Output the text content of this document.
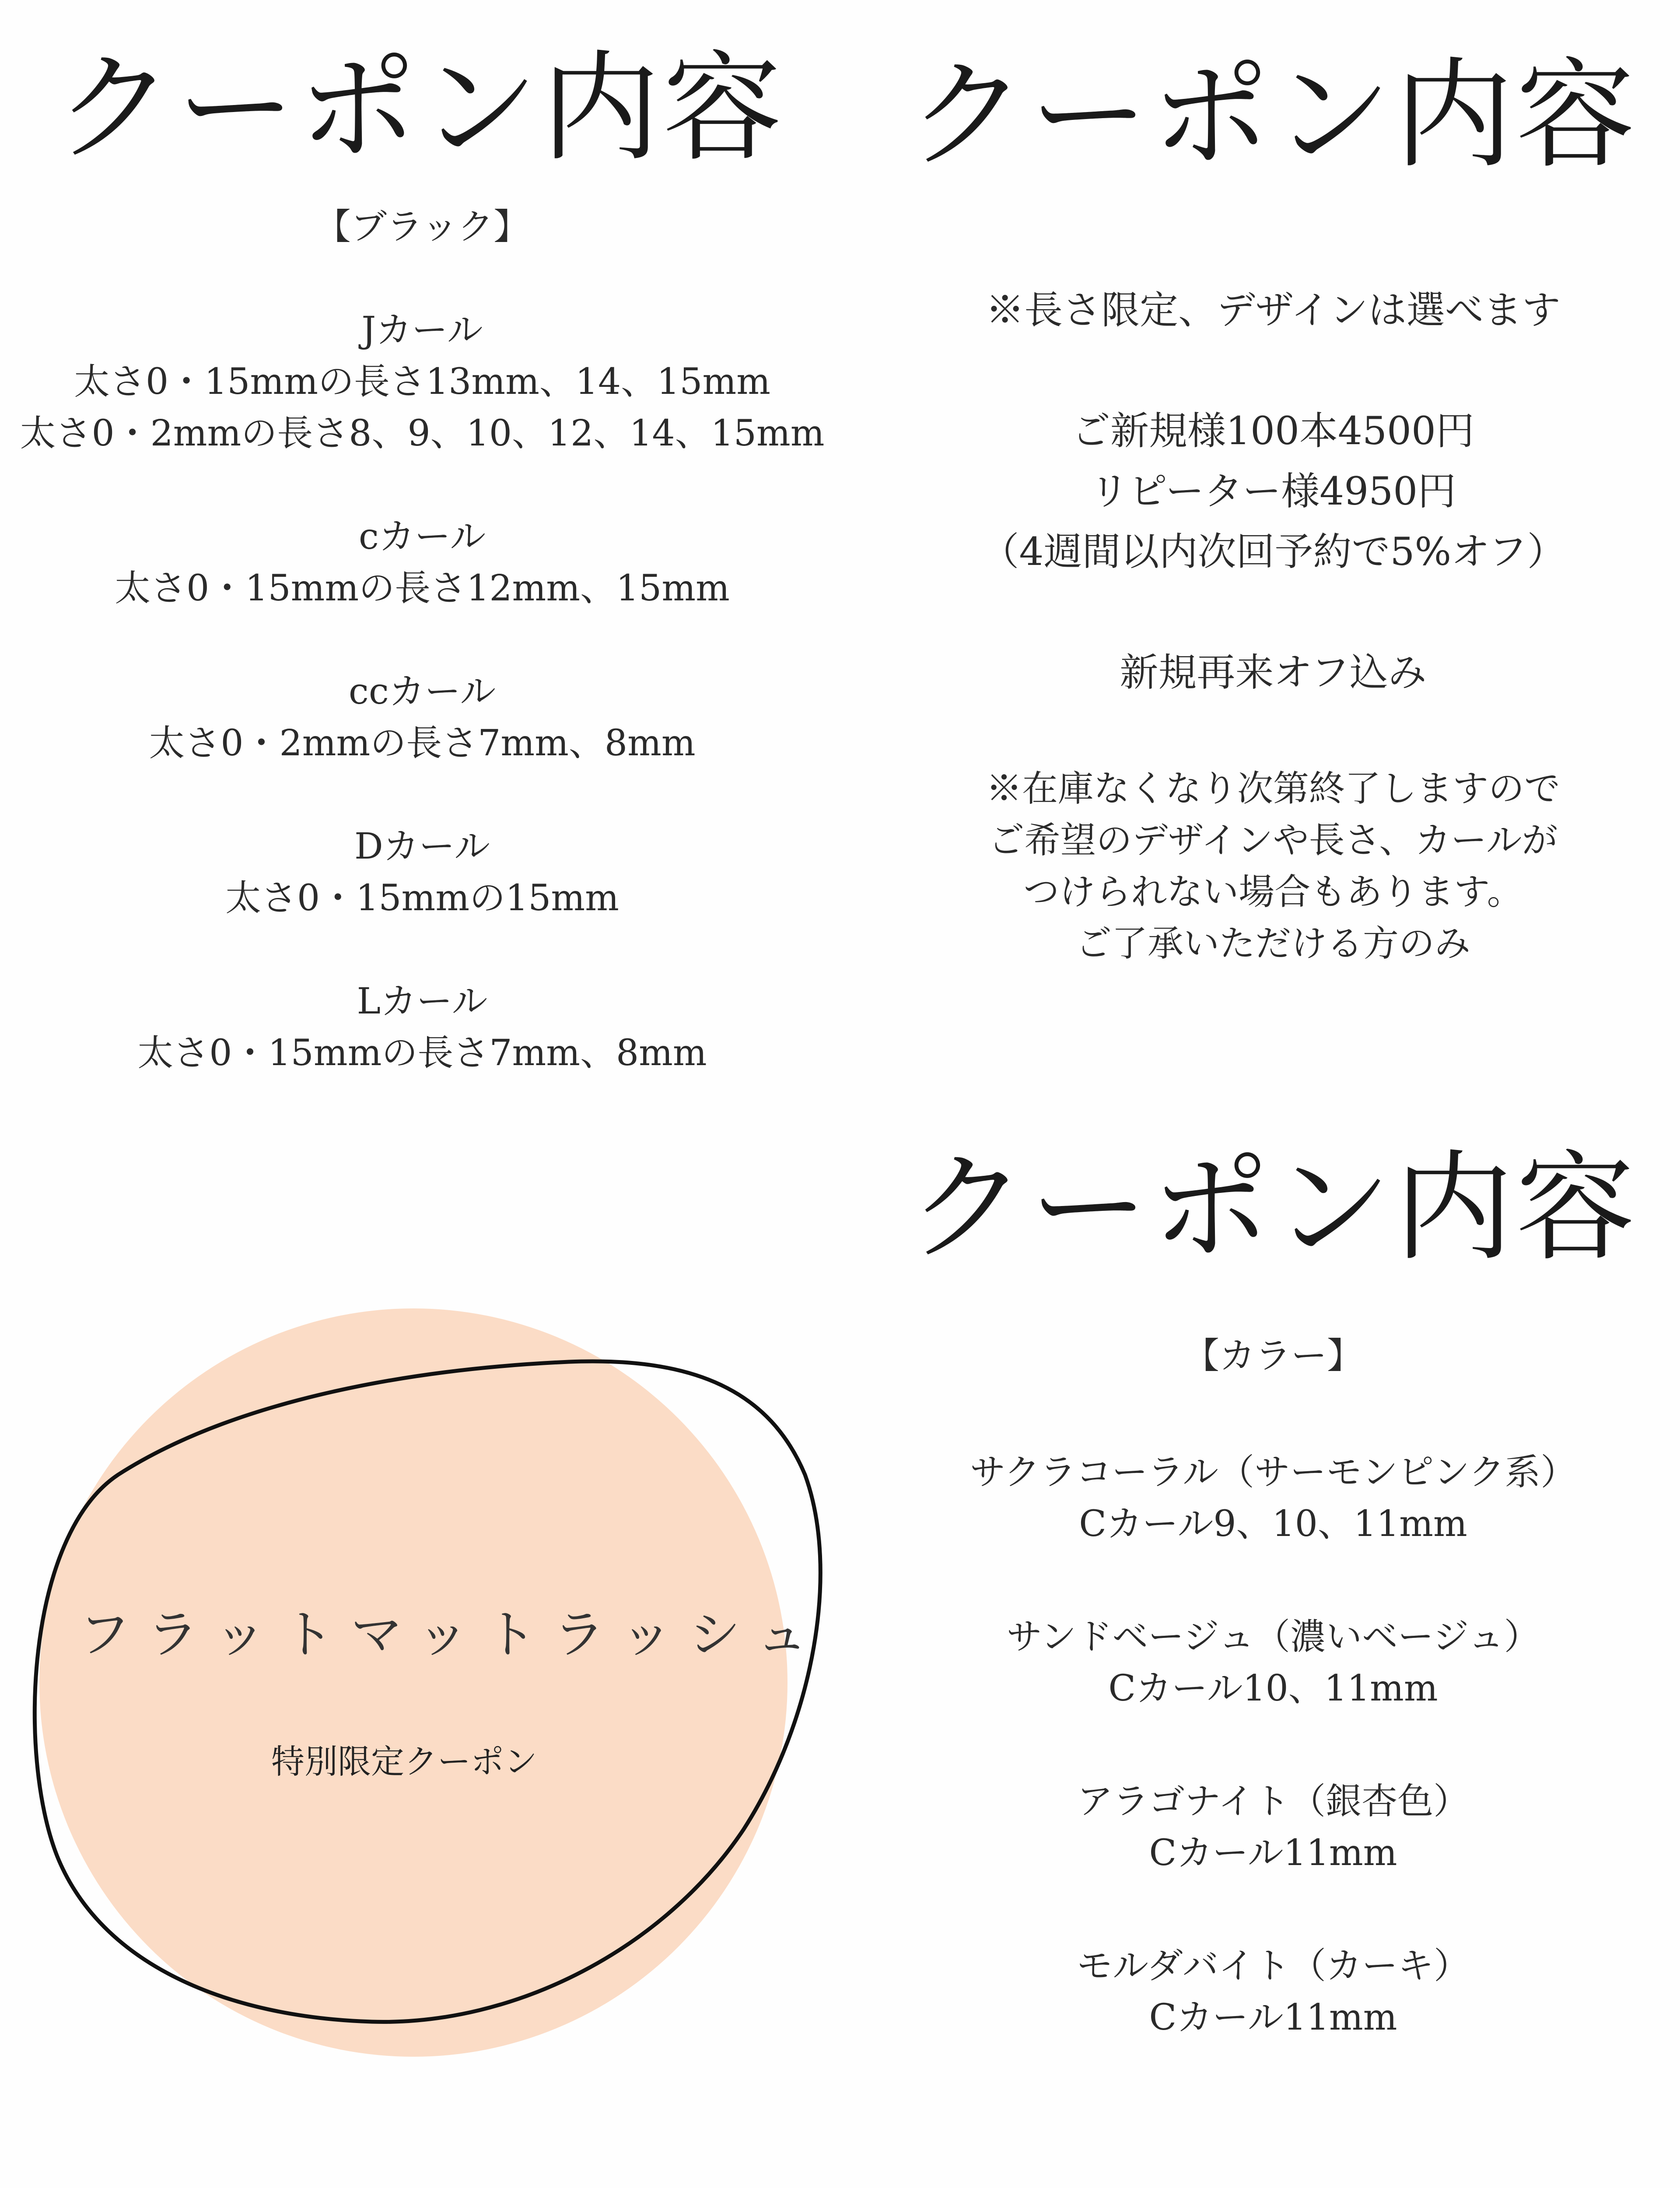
クーポン内容 クーポン内容
クーポン内容
【ブラック】
Jカール
太さ0・15mmの長さ13mm、14、15mm
太さ0・2mmの長さ8、9、10、12、14、15mm
cカール
太さ0・15mmの長さ12mm、15mm
ccカール
太さ0・2mmの長さ7mm、8mm
Dカール
太さ0・15mmの15mm
Lカール
太さ0・15mmの長さ7mm、8mm
※長さ限定、デザインは選べます
ご新規様100本4500円
リピーター様4950円
（4週間以内次回予約で5%オフ）
新規再来オフ込み
※在庫なくなり次第終了しますので
ご希望のデザインや長さ、カールが
つけられない場合もあります。
ご了承いただける方のみ
【カラー】
サクラコーラル（サーモンピンク系）
Cカール9、10、11mm
サンドベージュ（濃いベージュ）
Cカール10、11mm
アラゴナイト（銀杏色）
Cカール11mm
モルダバイト（カーキ）
Cカール11mm
フラットマットラッシュ
特別限定クーポン
